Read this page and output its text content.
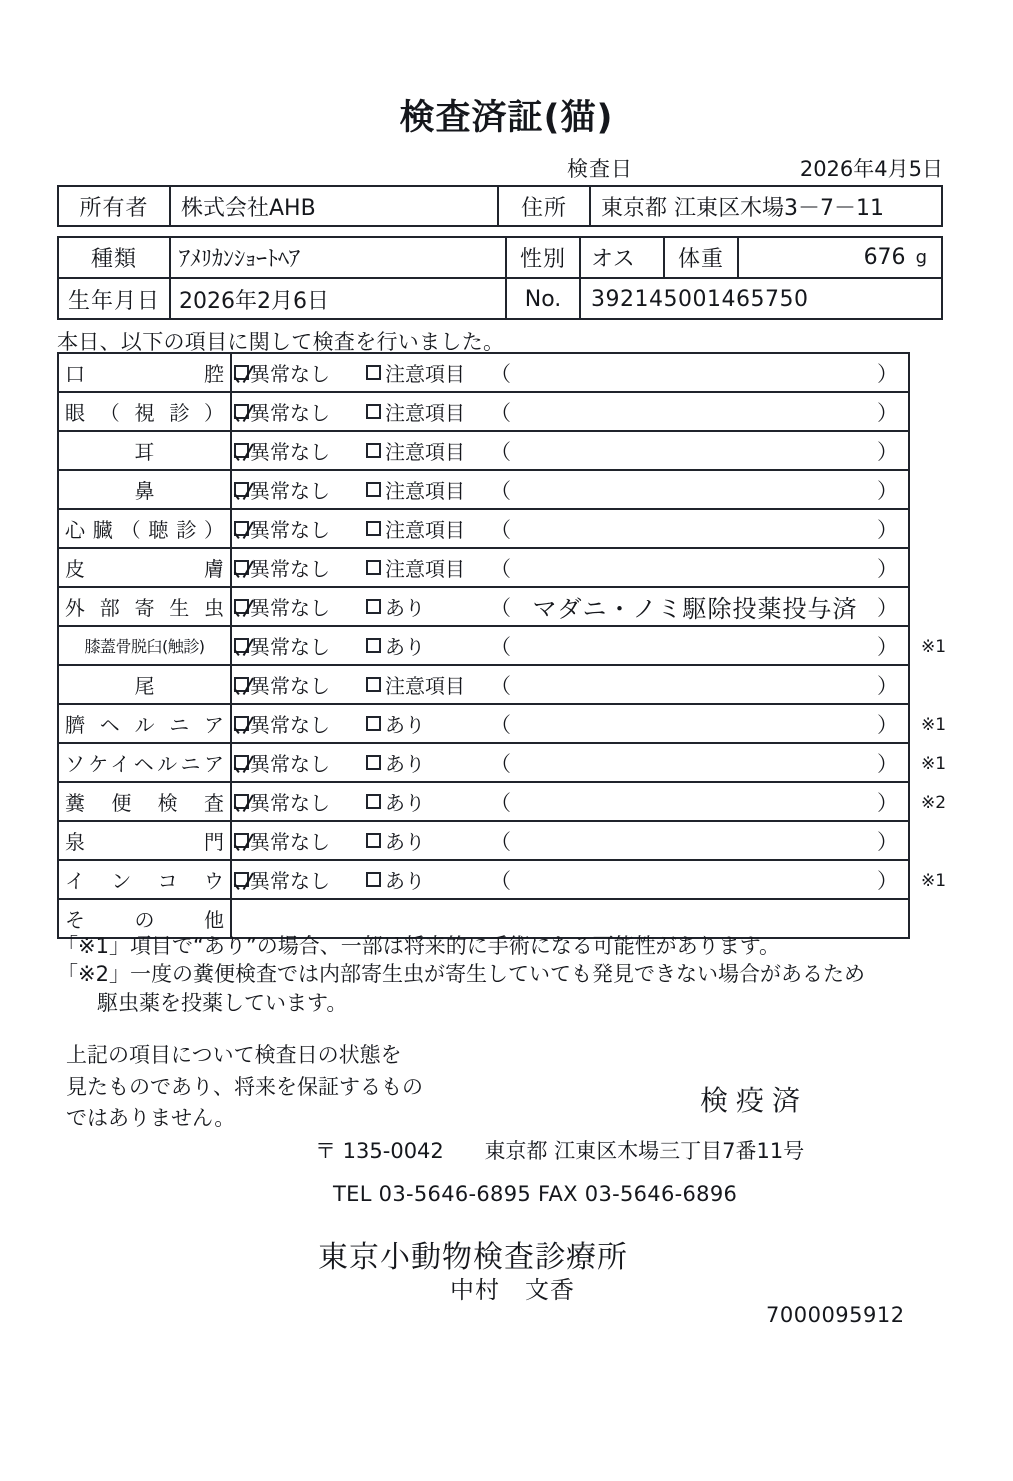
検査済証(猫)
検査日	2026年4月5日
所有者	株式会社AHB	住所	東京都 江東区木場3－7－11
種類	ｱﾒﾘｶﾝｼｮｰﾄﾍｱ	性別	オス	体重	676 g
生年月日 2026年2月6日	No.	392145001465750
本日、以下の項目に関して検査を行いました。
口腔	異常なし	注意項目 （	）
眼（視診）	異常なし	注意項目 （	）
耳	異常なし	注意項目 （	）
鼻	異常なし	注意項目 （	）
心臓（聴診）	異常なし	注意項目 （	）
皮膚	異常なし	注意項目 （	）
外部寄生虫	異常なし	あり	（ マダニ・ノミ駆除投薬投与済 ）
膝蓋骨脱臼(触診)	異常なし	あり	（	） ※1
尾	異常なし	注意項目 （	）
臍ヘルニア	異常なし	あり	（	） ※1
ソケイヘルニア	異常なし	あり	（	） ※1
糞便検査	異常なし	あり	（	） ※2
泉門	異常なし	あり	（	）
インコウ	異常なし	あり	（	） ※1
その他
「※1」項目で“あり”の場合、一部は将来的に手術になる可能性があります。
「※2」一度の糞便検査では内部寄生虫が寄生していても発見できない場合があるため
駆虫薬を投薬しています。
上記の項目について検査日の状態を
見たものであり、将来を保証するもの
ではありません。
検疫済
〒 135-0042 東京都 江東区木場三丁目7番11号
TEL 03-5646-6895 FAX 03-5646-6896
東京小動物検査診療所
中村　文香
7000095912
